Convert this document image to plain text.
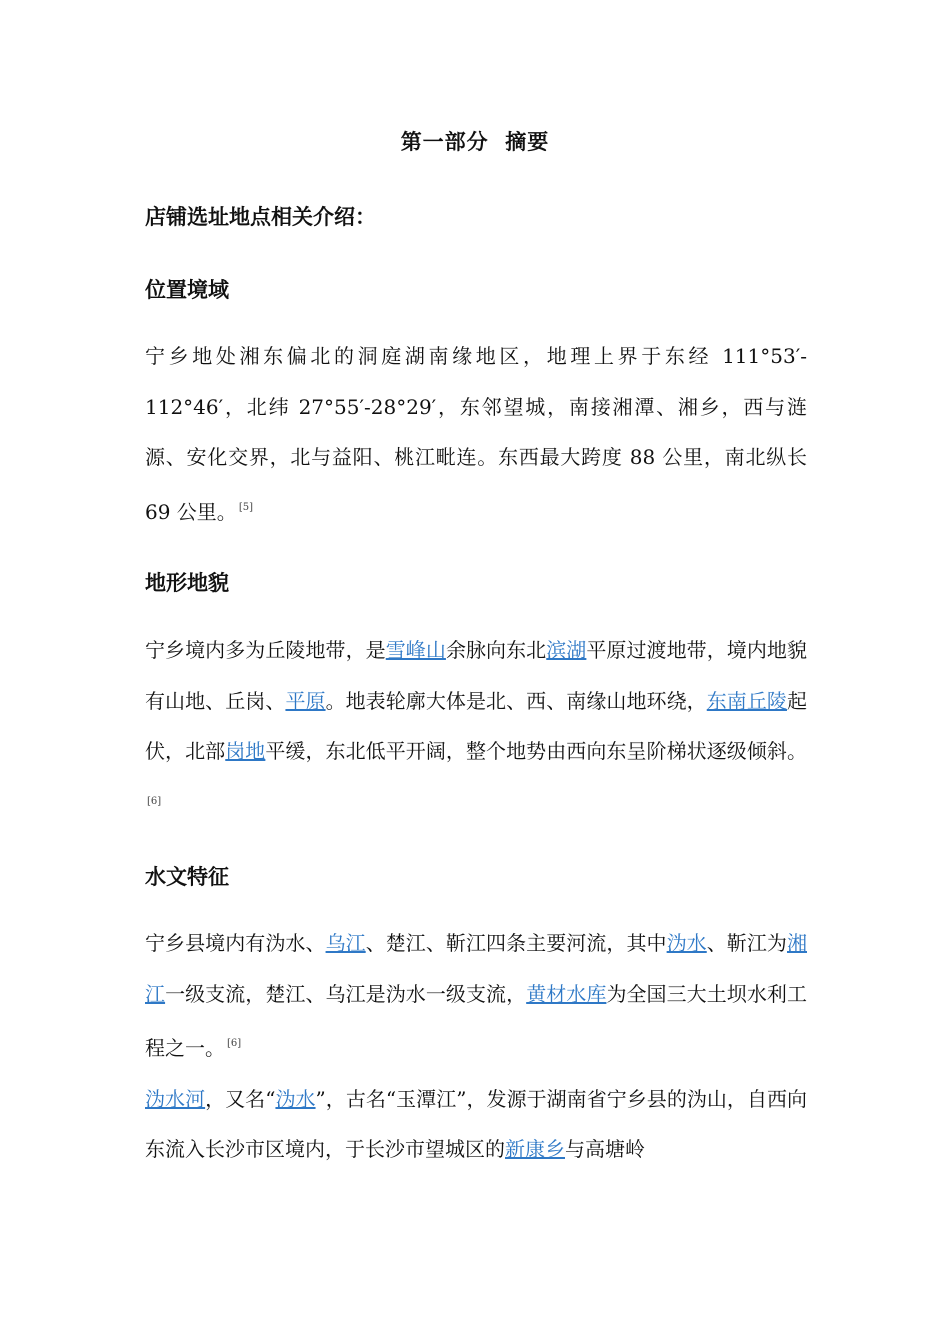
第一部分  摘要
店铺选址地点相关介绍：
位置境域

宁乡地处湘东偏北的洞庭湖南缘地区，地理上界于东经 111°53′- 112°46′，北纬 27°55′-28°29′，东邻望城，南接湘潭、湘乡，西与涟源、安化交界，北与益阳、桃江毗连。东西最大跨度 88 公里，南北纵长 69 公里。 [5]

地形地貌

宁乡境内多为丘陵地带，是雪峰山余脉向东北滨湖平原过渡地带，境内地貌有山地、丘岗、平原。地表轮廓大体是北、西、南缘山地环绕，东南丘陵起伏，北部岗地平缓，东北低平开阔，整个地势由西向东呈阶梯状逐级倾斜。[6]

水文特征

宁乡县境内有沩水、乌江、楚江、靳江四条主要河流，其中沩水、靳江为湘江一级支流，楚江、乌江是沩水一级支流，黄材水库为全国三大土坝水利工程之一。 [6]

沩水河，又名“沩水”，古名“玉潭江”，发源于湖南省宁乡县的沩山，自西向东流入长沙市区境内，于长沙市望城区的新康乡与高塘岭
